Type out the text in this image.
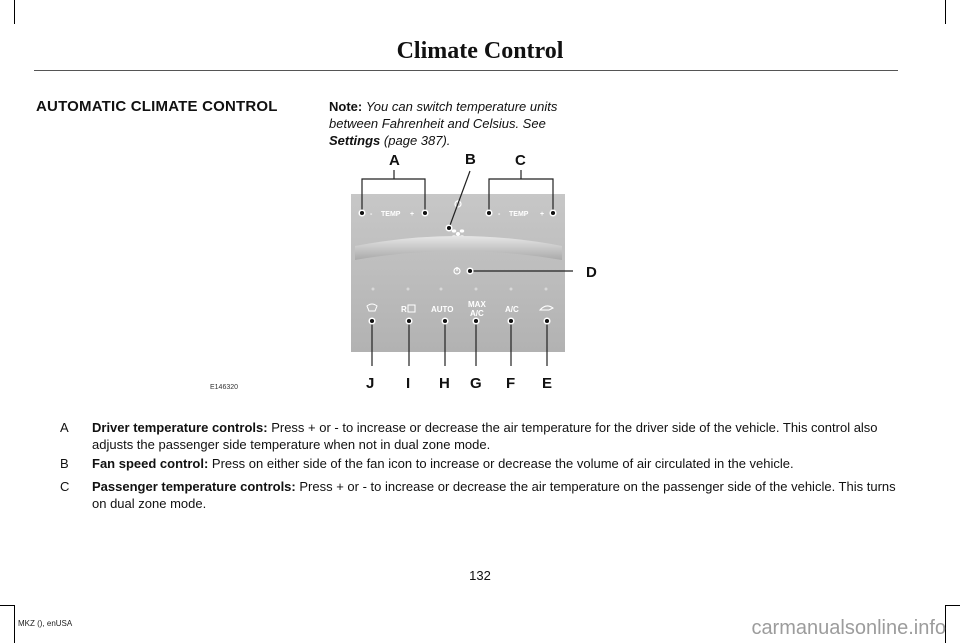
Climate Control
AUTOMATIC CLIMATE CONTROL	Note: You can switch temperature units between Fahrenheit and Celsius. See Settings (page 387).
- TEMP +	- TEMP +
R	AUTO
MAX
A/C	A/C
A	B	C
D
J I H G F E
E146320
A	Driver temperature controls: Press + or - to increase or decrease the air temperature for the driver side of the vehicle. This control also adjusts the passenger side temperature when not in dual zone mode.
B	Fan speed control: Press on either side of the fan icon to increase or decrease the volume of air circulated in the vehicle.
C	Passenger temperature controls: Press + or - to increase or decrease the air temperature on the passenger side of the vehicle. This turns on dual zone mode.
132
MKZ (), enUSA	carmanualsonline.info
